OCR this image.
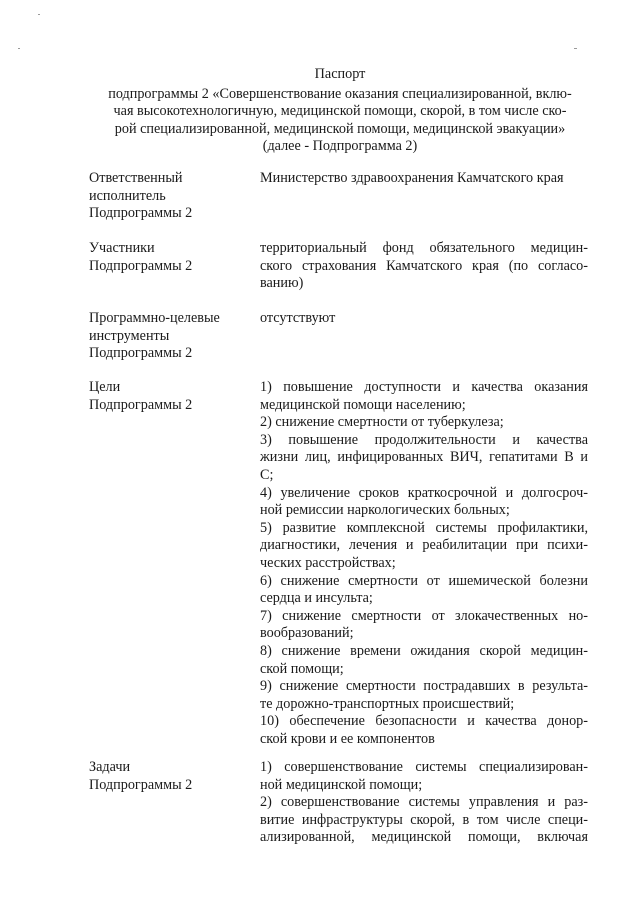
Паспорт
подпрограммы 2 «Совершенствование оказания специализированной, вклю-
чая высокотехнологичную, медицинской помощи, скорой, в том числе ско-
рой специализированной, медицинской помощи, медицинской эвакуации»
(далее - Подпрограмма 2)
Ответственный
исполнитель
Подпрограммы 2
Министерство здравоохранения Камчатского края
Участники
Подпрограммы 2
территориальный фонд обязательного медицин-
ского страхования Камчатского края (по согласо-
ванию)
Программно-целевые
инструменты
Подпрограммы 2
отсутствуют
Цели
Подпрограммы 2
1) повышение доступности и качества оказания
медицинской помощи населению;
2) снижение смертности от туберкулеза;
3) повышение продолжительности и качества
жизни лиц, инфицированных ВИЧ, гепатитами В и
С;
4) увеличение сроков краткосрочной и долгосроч-
ной ремиссии наркологических больных;
5) развитие комплексной системы профилактики,
диагностики, лечения и реабилитации при психи-
ческих расстройствах;
6) снижение смертности от ишемической болезни
сердца и инсульта;
7) снижение смертности от злокачественных но-
вообразований;
8) снижение времени ожидания скорой медицин-
ской помощи;
9) снижение смертности пострадавших в результа-
те дорожно-транспортных происшествий;
10) обеспечение безопасности и качества донор-
ской крови и ее компонентов
Задачи
Подпрограммы 2
1) совершенствование системы специализирован-
ной медицинской помощи;
2) совершенствование системы управления и раз-
витие инфраструктуры скорой, в том числе специ-
ализированной, медицинской помощи, включая
